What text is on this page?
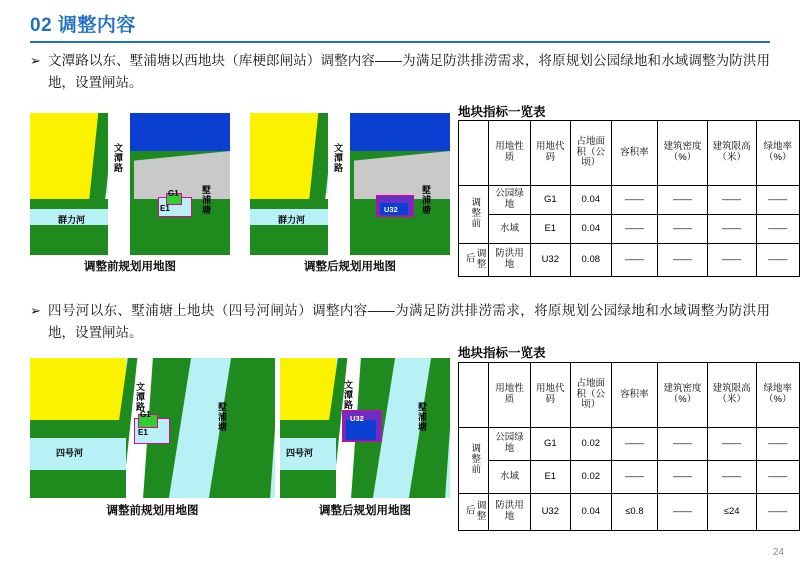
02 调整内容
➢ 文潭路以东、墅浦塘以西地块（库梗郎闸站）调整内容——为满足防洪排涝需求，将原规划公园绿地和水域调整为防洪用地，设置闸站。
➢ 四号河以东、墅浦塘上地块（四号河闸站）调整内容——为满足防洪排涝需求，将原规划公园绿地和水域调整为防洪用地，设置闸站。
文潭路
墅浦塘
群力河
G1
E1
调整前规划用地图
文潭路
墅浦塘
群力河
U32
调整后规划用地图
文潭路
墅浦塘
四号河
G1
E1
调整前规划用地图
文潭路
墅浦塘
四号河
U32
调整后规划用地图
地块指标一览表
	用地性质	用地代码	占地面积（公顷）	容积率	建筑密度（%）	建筑限高（米）	绿地率（%）
调整前	公园绿地	G1	0.04	——	——	——	——
	水域	E1	0.04	——	——	——	——
调整后	防洪用地	U32	0.08	——	——	——	——
地块指标一览表
	用地性质	用地代码	占地面积（公顷）	容积率	建筑密度（%）	建筑限高（米）	绿地率（%）
调整前	公园绿地	G1	0.02	——	——	——	——
	水域	E1	0.02	——	——	——	——
调整后	防洪用地	U32	0.04	≤0.8	——	≤24	——
24
